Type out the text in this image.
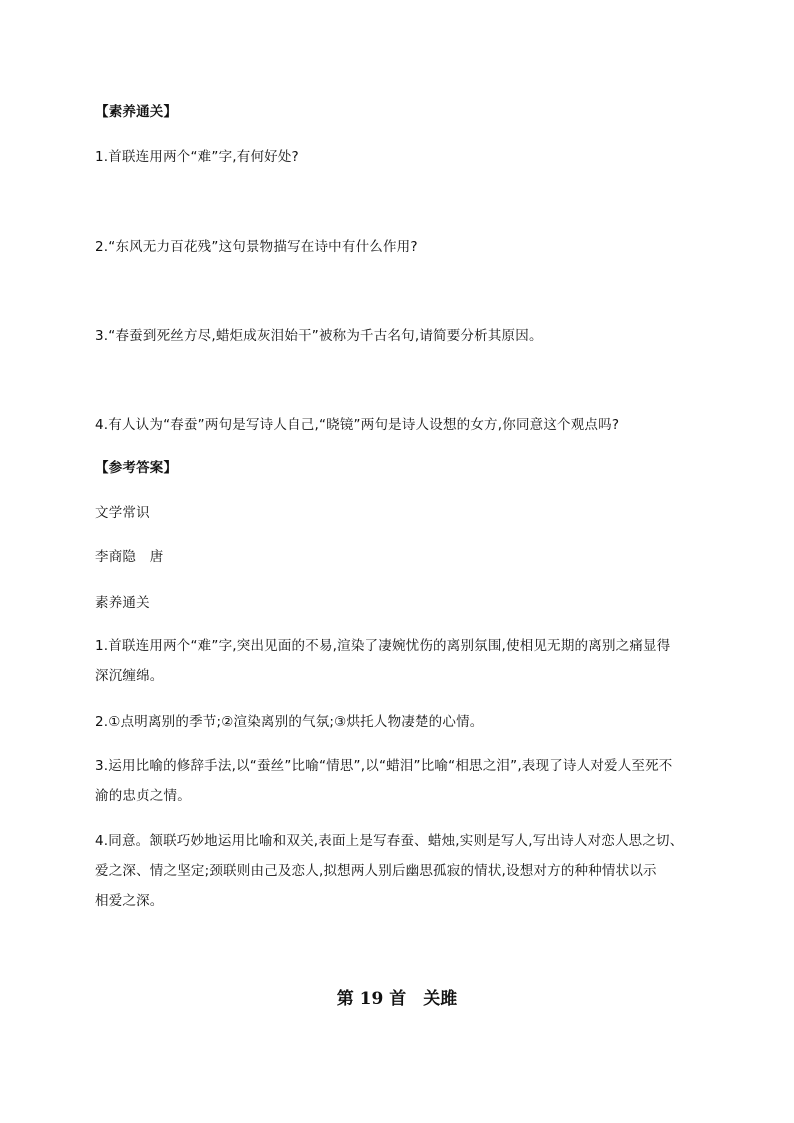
【素养通关】
1.首联连用两个“难”字,有何好处?
2.“东风无力百花残”这句景物描写在诗中有什么作用?
3.“春蚕到死丝方尽,蜡炬成灰泪始干”被称为千古名句,请简要分析其原因。
4.有人认为“春蚕”两句是写诗人自己,“晓镜”两句是诗人设想的女方,你同意这个观点吗?
【参考答案】
文学常识
李商隐　唐
素养通关
1.首联连用两个“难”字,突出见面的不易,渲染了凄婉忧伤的离别氛围,使相见无期的离别之痛显得
深沉缠绵。
2.①点明离别的季节;②渲染离别的气氛;③烘托人物凄楚的心情。
3.运用比喻的修辞手法,以“蚕丝”比喻“情思”,以“蜡泪”比喻“相思之泪”,表现了诗人对爱人至死不
渝的忠贞之情。
4.同意。颔联巧妙地运用比喻和双关,表面上是写春蚕、蜡烛,实则是写人,写出诗人对恋人思之切、
爱之深、情之坚定;颈联则由己及恋人,拟想两人别后幽思孤寂的情状,设想对方的种种情状以示
相爱之深。
第 19 首　关雎
